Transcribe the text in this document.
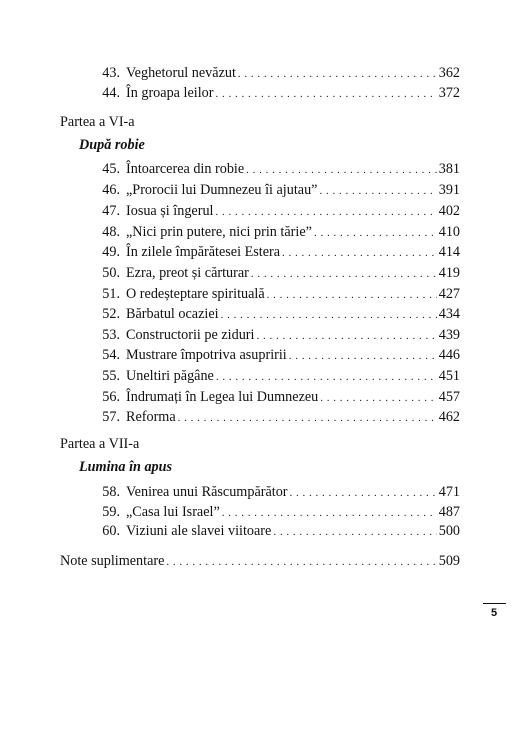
43. Veghetorul nevăzut . . .	362
44. În groapa leilor . . .	372
Partea a VI-a
După robie
45. Întoarcerea din robie . . .	381
46. „Prorocii lui Dumnezeu îi ajutau” . . .	391
47. Iosua și îngerul . . .	402
48. „Nici prin putere, nici prin tărie” . . .	410
49. În zilele împărătesei Estera . . .	414
50. Ezra, preot și cărturar . . .	419
51. O redeșteptare spirituală . . .	427
52. Bărbatul ocaziei . . .	434
53. Constructorii pe ziduri . . .	439
54. Mustrare împotriva asupririi . . .	446
55. Uneltiri păgâne . . .	451
56. Îndrumați în Legea lui Dumnezeu . . .	457
57. Reforma . . .	462
Partea a VII-a
Lumina în apus
58. Venirea unui Răscumpărător . . .	471
59. „Casa lui Israel” . . .	487
60. Viziuni ale slavei viitoare . . .	500
Note suplimentare . . .	509
5
